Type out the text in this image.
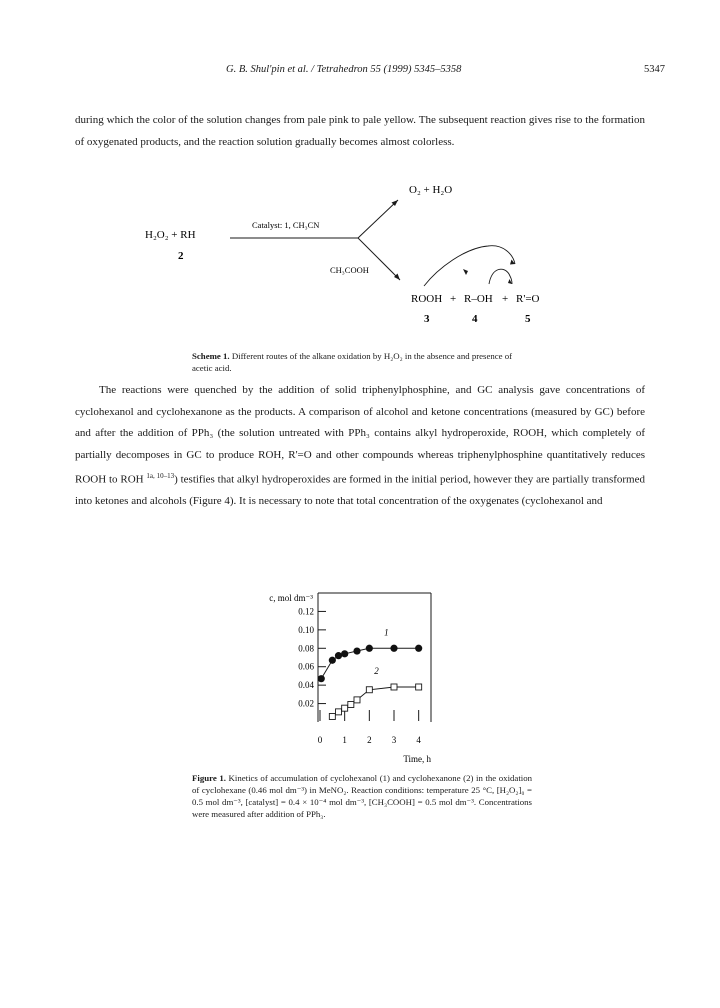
G. B. Shul'pin et al. / Tetrahedron 55 (1999) 5345–5358	5347

during which the color of the solution changes from pale pink to pale yellow. The subsequent reaction gives rise to the formation of oxygenated products, and the reaction solution gradually becomes almost colorless.

H₂O₂ + RH
2
Catalyst: 1, CH₃CN
O₂ + H₂O
CH₃COOH
ROOH + R–OH + R'=O
3	4	5
Scheme 1. Different routes of the alkane oxidation by H₂O₂ in the absence and presence of acetic acid.

The reactions were quenched by the addition of solid triphenylphosphine, and GC analysis gave concentrations of cyclohexanol and cyclohexanone as the products. A comparison of alcohol and ketone concentrations (measured by GC) before and after the addition of PPh₃ (the solution untreated with PPh₃ contains alkyl hydroperoxide, ROOH, which completely of partially decomposes in GC to produce ROH, R'=O and other compounds whereas triphenylphosphine quantitatively reduces ROOH to ROH $^{1a, 10-13}$) testifies that alkyl hydroperoxides are formed in the initial period, however they are partially transformed into ketones and alcohols (Figure 4). It is necessary to note that total concentration of the oxygenates (cyclohexanol and

c, mol dm⁻³
Time, h
0.12
0.10
0.08
0.06
0.04
0.02
0 1 2 3 4
1
2
Figure 1. Kinetics of accumulation of cyclohexanol (1) and cyclohexanone (2) in the oxidation of cyclohexane (0.46 mol dm⁻³) in MeNO₂. Reaction conditions: temperature 25 °C, [H₂O₂]₀ = 0.5 mol dm⁻³, [catalyst] = 0.4 × 10⁻⁴ mol dm⁻³, [CH₃COOH] = 0.5 mol dm⁻³. Concentrations were measured after addition of PPh₃.
